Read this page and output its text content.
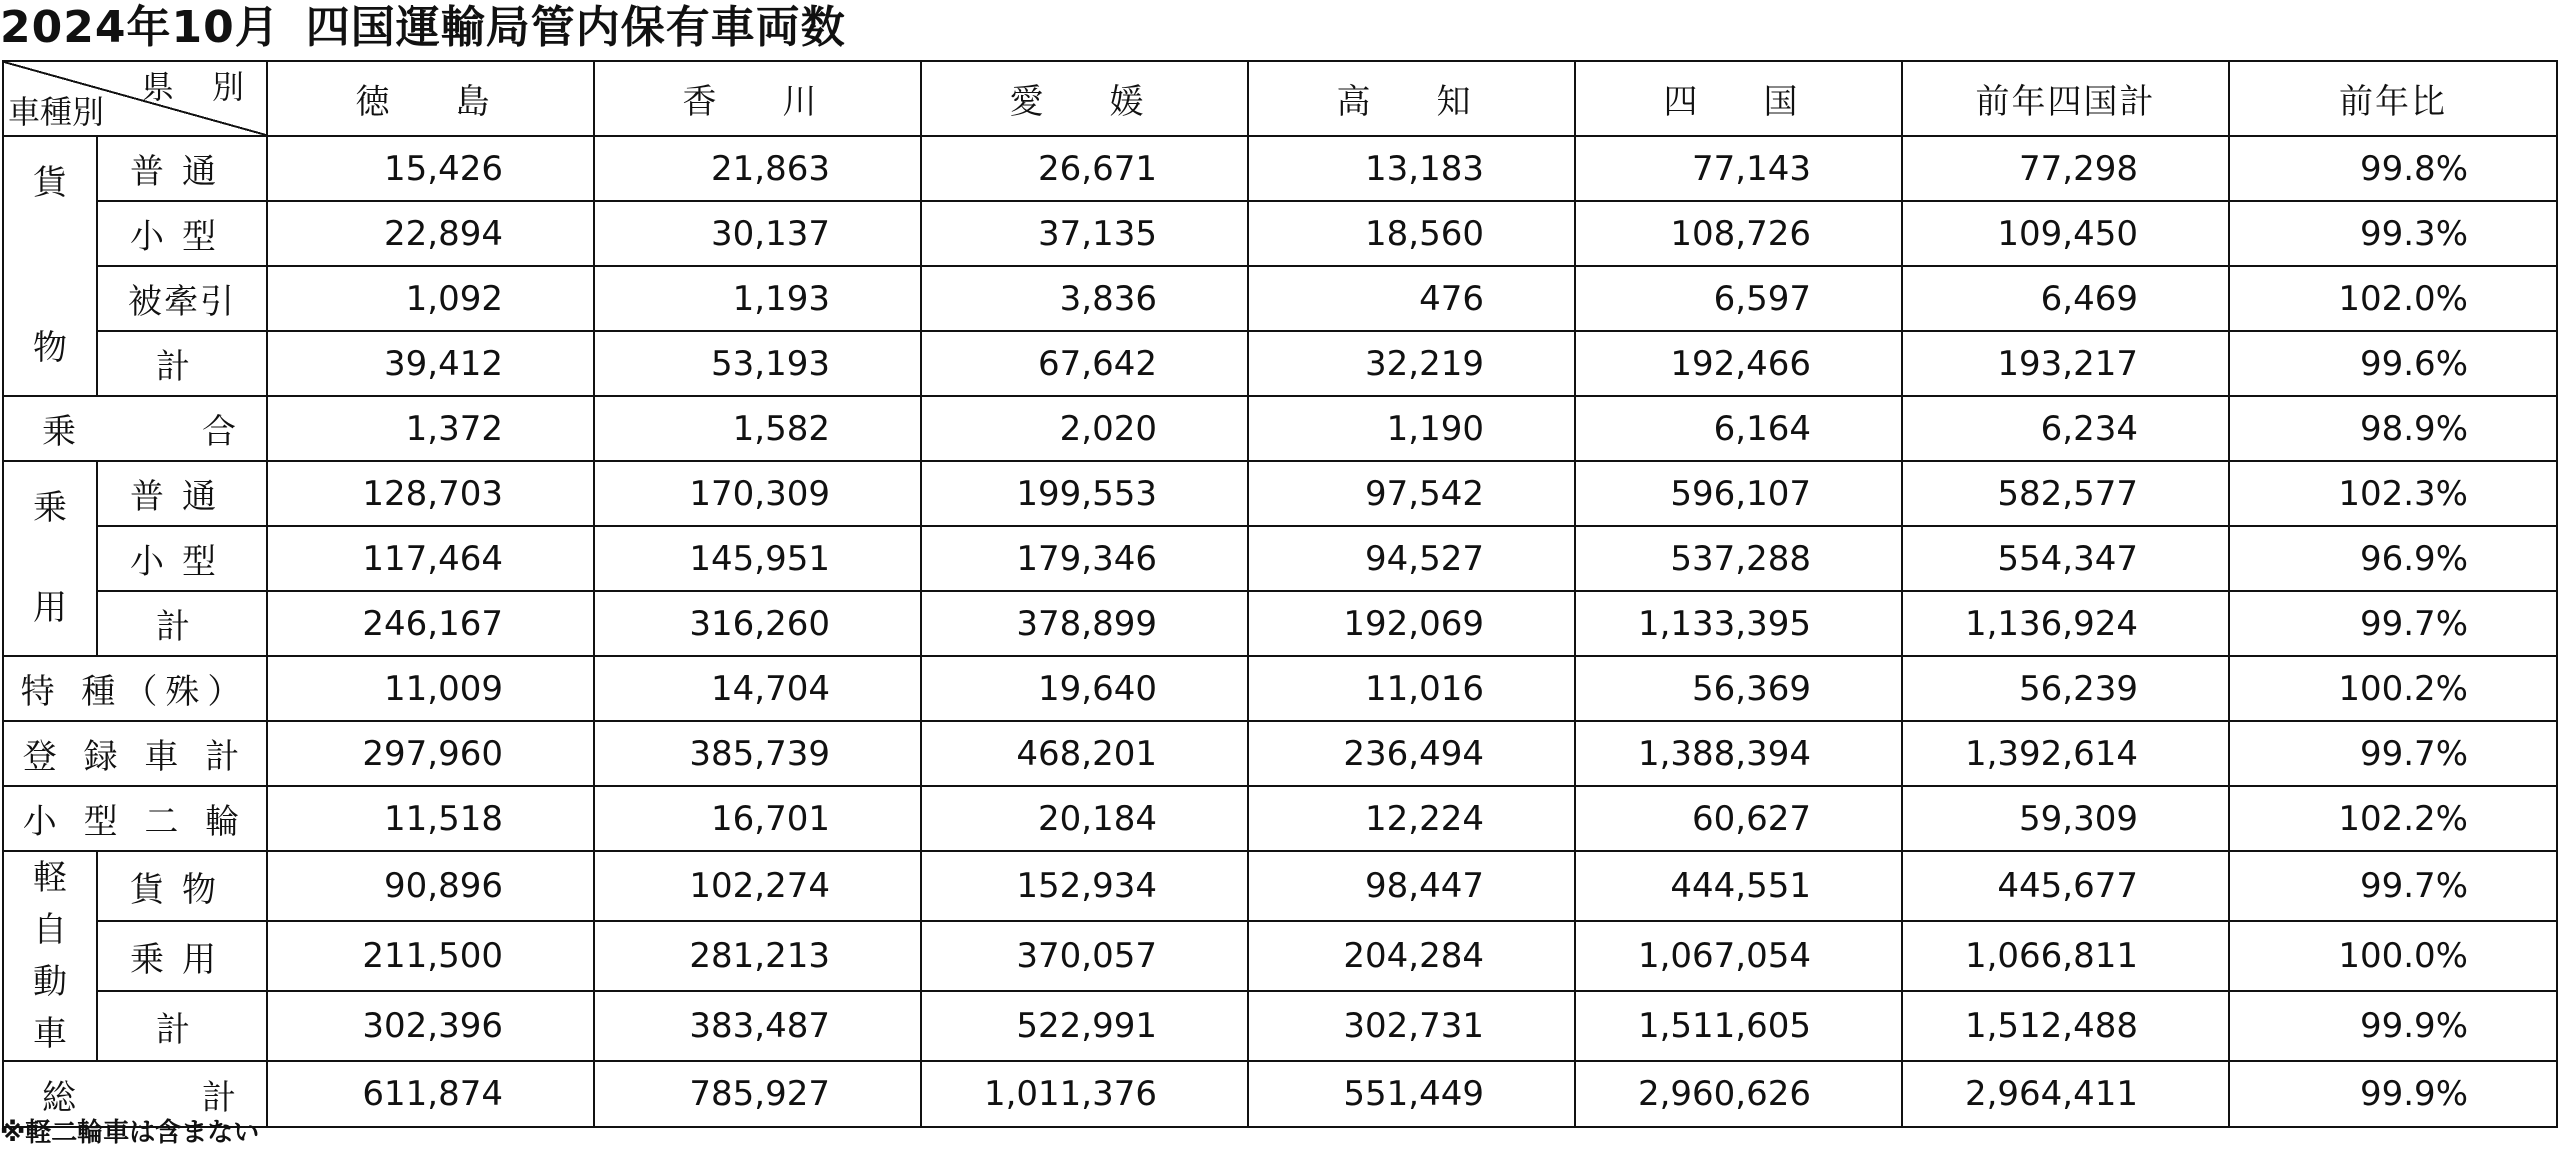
2024年10月 四国運輸局管内保有車両数
県 別
車種別		徳　島	香　川	愛　媛	高　知	四　国	前年四国計	前年比

貨
物	普通	15,426	21,863	26,671	13,183	77,143	77,298	99.8%
	小型	22,894	30,137	37,135	18,560	108,726	109,450	99.3%
	被牽引	1,092	1,193	3,836	476	6,597	6,469	102.0%
	計	39,412	53,193	67,642	32,219	192,466	193,217	99.6%

乗 合		1,372	1,582	2,020	1,190	6,164	6,234	98.9%

乗
用	普通	128,703	170,309	199,553	97,542	596,107	582,577	102.3%
	小型	117,464	145,951	179,346	94,527	537,288	554,347	96.9%
	計	246,167	316,260	378,899	192,069	1,133,395	1,136,924	99.7%
特 種（殊）		11,009	14,704	19,640	11,016	56,369	56,239	100.2%
登 録 車 計		297,960	385,739	468,201	236,494	1,388,394	1,392,614	99.7%
小 型 二 輪		11,518	16,701	20,184	12,224	60,627	59,309	102.2%

軽
自
動
車	貨物	90,896	102,274	152,934	98,447	444,551	445,677	99.7%
	乗用	211,500	281,213	370,057	204,284	1,067,054	1,066,811	100.0%
	計	302,396	383,487	522,991	302,731	1,511,605	1,512,488	99.9%

総 計		611,874	785,927	1,011,376	551,449	2,960,626	2,964,411	99.9%
※軽二輪車は含まない
